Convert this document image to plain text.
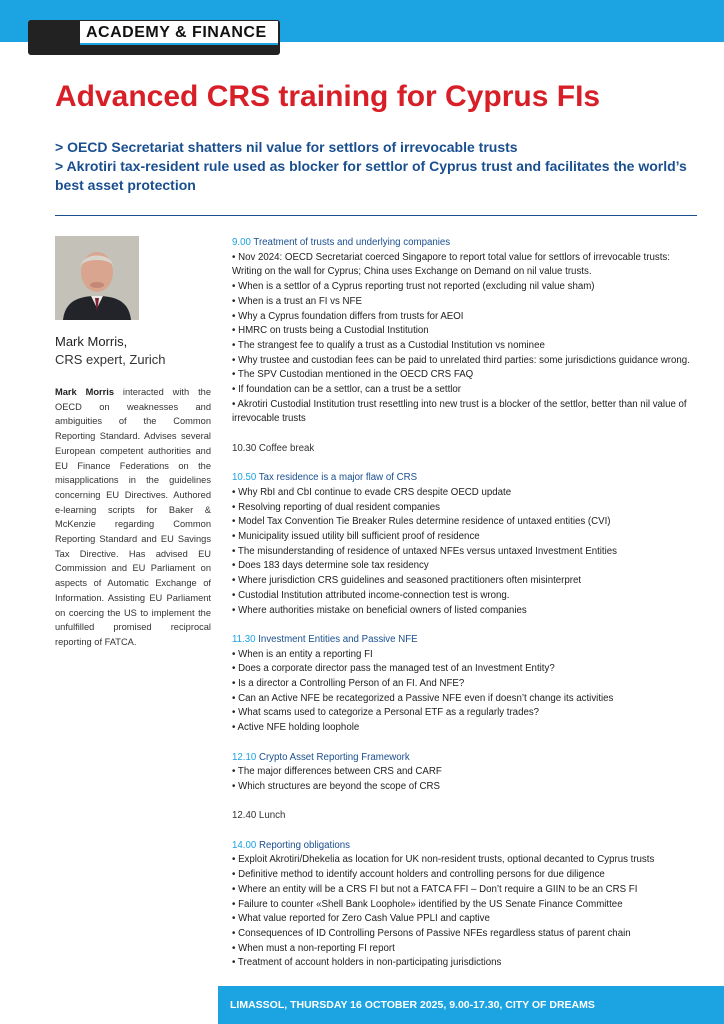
ACADEMY & FINANCE
Advanced CRS training for Cyprus FIs

> OECD Secretariat shatters nil value for settlors of irrevocable trusts

> Akrotiri tax-resident rule used as blocker for settlor of Cyprus trust and facilitates the world’s best asset protection

Mark Morris,
CRS expert, Zurich

Mark Morris interacted with the OECD on weaknesses and ambiguities of the Common Reporting Standard. Advises several European competent authorities and EU Finance Federations on the misapplications in the guidelines concerning EU Directives. Authored e-learning scripts for Baker & McKenzie regarding Common Reporting Standard and EU Savings Tax Directive. Has advised EU Commission and EU Parliament on aspects of Automatic Exchange of Information. Assisting EU Parliament on coercing the US to implement the unfulfilled promised reciprocal reporting of FATCA.

9.00 Treatment of trusts and underlying companies
• Nov 2024: OECD Secretariat coerced Singapore to report total value for settlors of irrevocable trusts: Writing on the wall for Cyprus; China uses Exchange on Demand on nil value trusts.
• When is a settlor of a Cyprus reporting trust not reported (excluding nil value sham)
• When is a trust an FI vs NFE
• Why a Cyprus foundation differs from trusts for AEOI
• HMRC on trusts being a Custodial Institution
• The strangest fee to qualify a trust as a Custodial Institution vs nominee
• Why trustee and custodian fees can be paid to unrelated third parties: some jurisdictions guidance wrong.
• The SPV Custodian mentioned in the OECD CRS FAQ
• If foundation can be a settlor, can a trust be a settlor
• Akrotiri Custodial Institution trust resettling into new trust is a blocker of the settlor, better than nil value of irrevocable trusts
10.30 Coffee break
10.50 Tax residence is a major flaw of CRS
• Why RbI and CbI continue to evade CRS despite OECD update
• Resolving reporting of dual resident companies
• Model Tax Convention Tie Breaker Rules determine residence of untaxed entities (CVI)
• Municipality issued utility bill sufficient proof of residence
• The misunderstanding of residence of untaxed NFEs versus untaxed Investment Entities
• Does 183 days determine sole tax residency
• Where jurisdiction CRS guidelines and seasoned practitioners often misinterpret
• Custodial Institution attributed income-connection test is wrong.
• Where authorities mistake on beneficial owners of listed companies
11.30 Investment Entities and Passive NFE
• When is an entity a reporting FI
• Does a corporate director pass the managed test of an Investment Entity?
• Is a director a Controlling Person of an FI. And NFE?
• Can an Active NFE be recategorized a Passive NFE even if doesn’t change its activities
• What scams used to categorize a Personal ETF as a regularly trades?
• Active NFE holding loophole
12.10 Crypto Asset Reporting Framework
• The major differences between CRS and CARF
• Which structures are beyond the scope of CRS
12.40 Lunch
14.00 Reporting obligations
• Exploit Akrotiri/Dhekelia as location for UK non-resident trusts, optional decanted to Cyprus trusts
• Definitive method to identify account holders and controlling persons for due diligence
• Where an entity will be a CRS FI but not a FATCA FFI – Don’t require a GIIN to be an CRS FI
• Failure to counter «Shell Bank Loophole» identified by the US Senate Finance Committee
• What value reported for Zero Cash Value PPLI and captive
• Consequences of ID Controlling Persons of Passive NFEs regardless status of parent chain
• When must a non-reporting FI report
• Treatment of account holders in non-participating jurisdictions
LIMASSOL, THURSDAY 16 OCTOBER 2025, 9.00-17.30, CITY OF DREAMS
